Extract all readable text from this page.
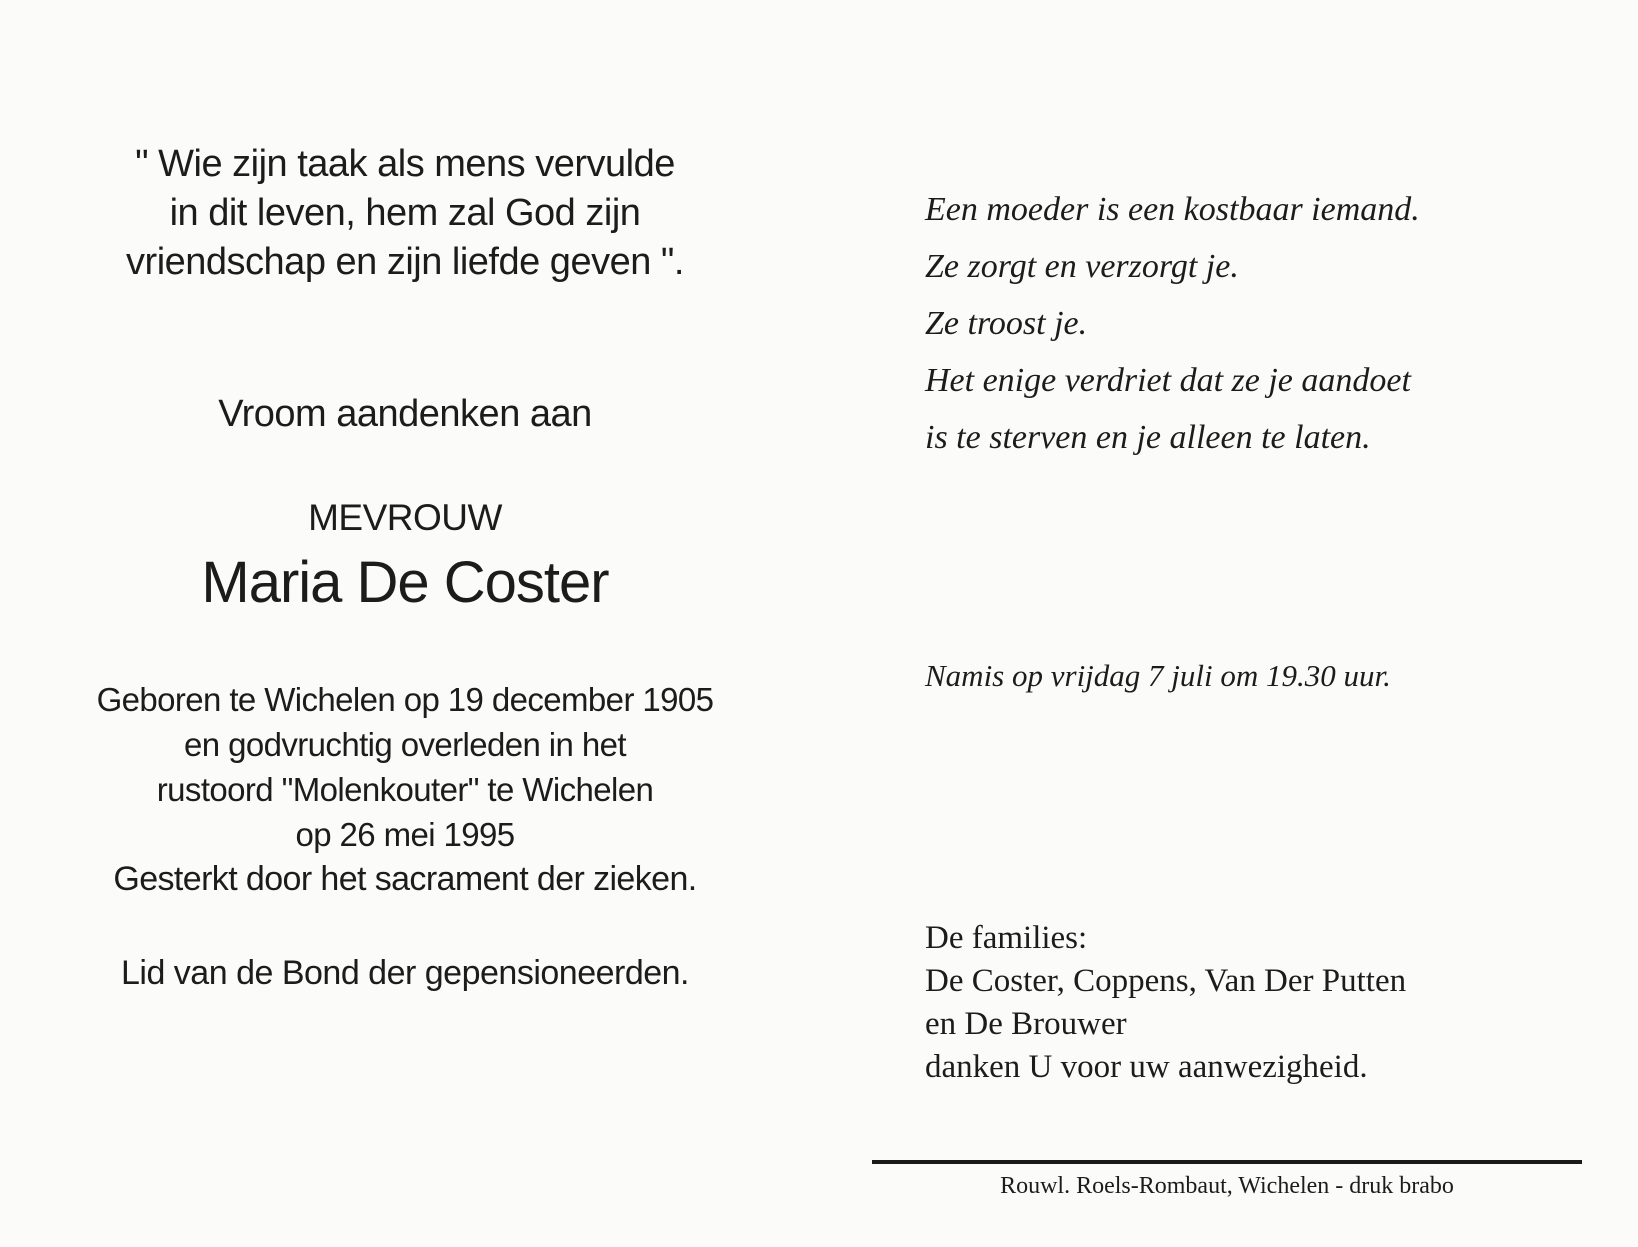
" Wie zijn taak als mens vervulde
in dit leven, hem zal God zijn
vriendschap en zijn liefde geven ".
Vroom aandenken aan
MEVROUW
Maria De Coster
Geboren te Wichelen op 19 december 1905
en godvruchtig overleden in het
rustoord "Molenkouter" te Wichelen
op 26 mei 1995
Gesterkt door het sacrament der zieken.
Lid van de Bond der gepensioneerden.
Een moeder is een kostbaar iemand.
Ze zorgt en verzorgt je.
Ze troost je.
Het enige verdriet dat ze je aandoet
is te sterven en je alleen te laten.
Namis op vrijdag 7 juli om 19.30 uur.
De families:
De Coster, Coppens, Van Der Putten
en De Brouwer
danken U voor uw aanwezigheid.
Rouwl. Roels-Rombaut, Wichelen - druk brabo
